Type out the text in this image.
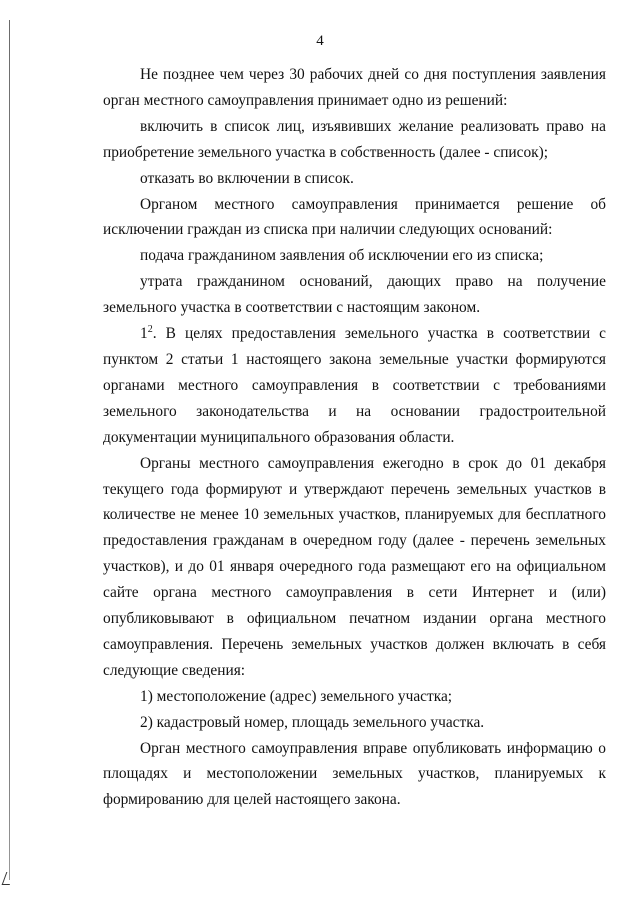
4

Не позднее чем через 30 рабочих дней со дня поступления заявления орган местного самоуправления принимает одно из решений:

включить в список лиц, изъявивших желание реализовать право на приобретение земельного участка в собственность (далее - список);

отказать во включении в список.

Органом местного самоуправления принимается решение об исключении граждан из списка при наличии следующих оснований:

подача гражданином заявления об исключении его из списка;

утрата гражданином оснований, дающих право на получение земельного участка в соответствии с настоящим законом.

$1^2$. В целях предоставления земельного участка в соответствии с пунктом 2 статьи 1 настоящего закона земельные участки формируются органами местного самоуправления в соответствии с требованиями земельного законодательства и на основании градостроительной документации муниципального образования области.

Органы местного самоуправления ежегодно в срок до 01 декабря текущего года формируют и утверждают перечень земельных участков в количестве не менее 10 земельных участков, планируемых для бесплатного предоставления гражданам в очередном году (далее - перечень земельных участков), и до 01 января очередного года размещают его на официальном сайте органа местного самоуправления в сети Интернет и (или) опубликовывают в официальном печатном издании органа местного самоуправления. Перечень земельных участков должен включать в себя следующие сведения:

1) местоположение (адрес) земельного участка;

2) кадастровый номер, площадь земельного участка.

Орган местного самоуправления вправе опубликовать информацию о площадях и местоположении земельных участков, планируемых к формированию для целей настоящего закона.
